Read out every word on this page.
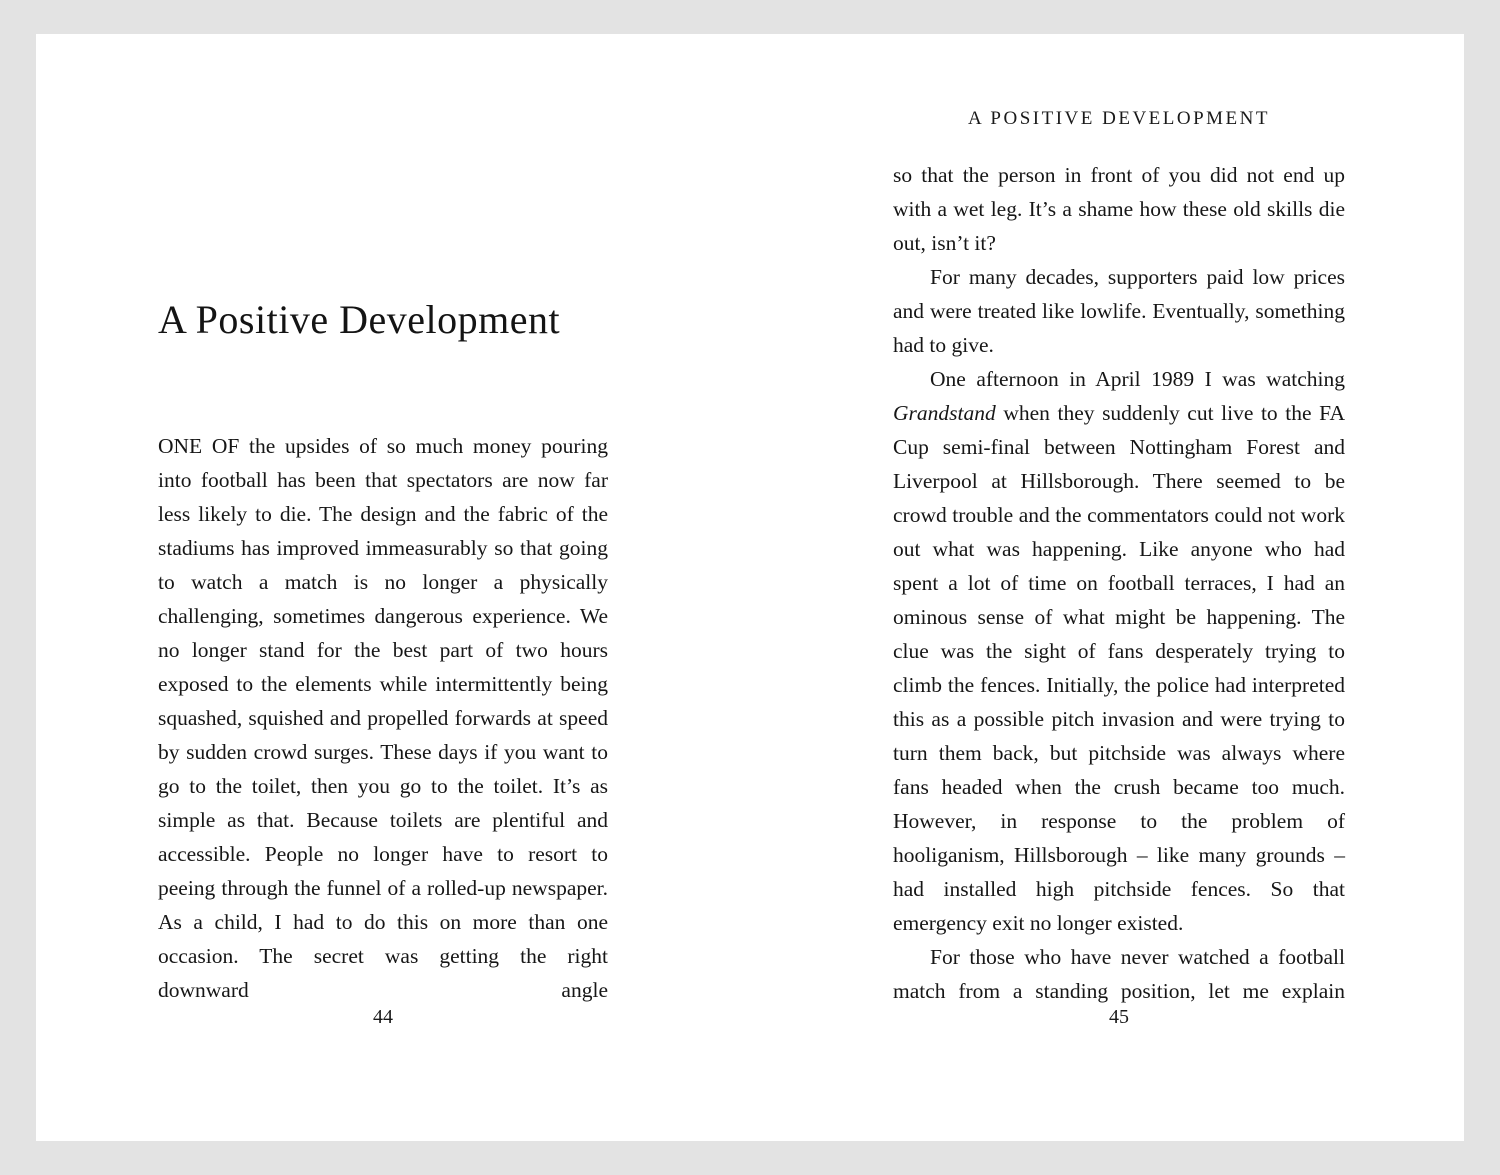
A Positive Development

ONE OF the upsides of so much money pouring into football has been that spectators are now far less likely to die. The design and the fabric of the stadiums has improved immeasurably so that going to watch a match is no longer a physically challenging, sometimes dangerous experience. We no longer stand for the best part of two hours exposed to the elements while intermittently being squashed, squished and propelled forwards at speed by sudden crowd surges. These days if you want to go to the toilet, then you go to the toilet. It’s as simple as that. Because toilets are plentiful and accessible. People no longer have to resort to peeing through the funnel of a rolled-up newspaper. As a child, I had to do this on more than one occasion. The secret was getting the right downward angle

44
A POSITIVE DEVELOPMENT

so that the person in front of you did not end up with a wet leg. It’s a shame how these old skills die out, isn’t it?

For many decades, supporters paid low prices and were treated like lowlife. Eventually, something had to give.

One afternoon in April 1989 I was watching Grandstand when they suddenly cut live to the FA Cup semi-final between Nottingham Forest and Liverpool at Hillsborough. There seemed to be crowd trouble and the commentators could not work out what was happening. Like anyone who had spent a lot of time on football terraces, I had an ominous sense of what might be happening. The clue was the sight of fans desperately trying to climb the fences. Initially, the police had interpreted this as a possible pitch invasion and were trying to turn them back, but pitchside was always where fans headed when the crush became too much. However, in response to the problem of hooliganism, Hillsborough – like many grounds – had installed high pitchside fences. So that emergency exit no longer existed.

For those who have never watched a football match from a standing position, let me explain

45
